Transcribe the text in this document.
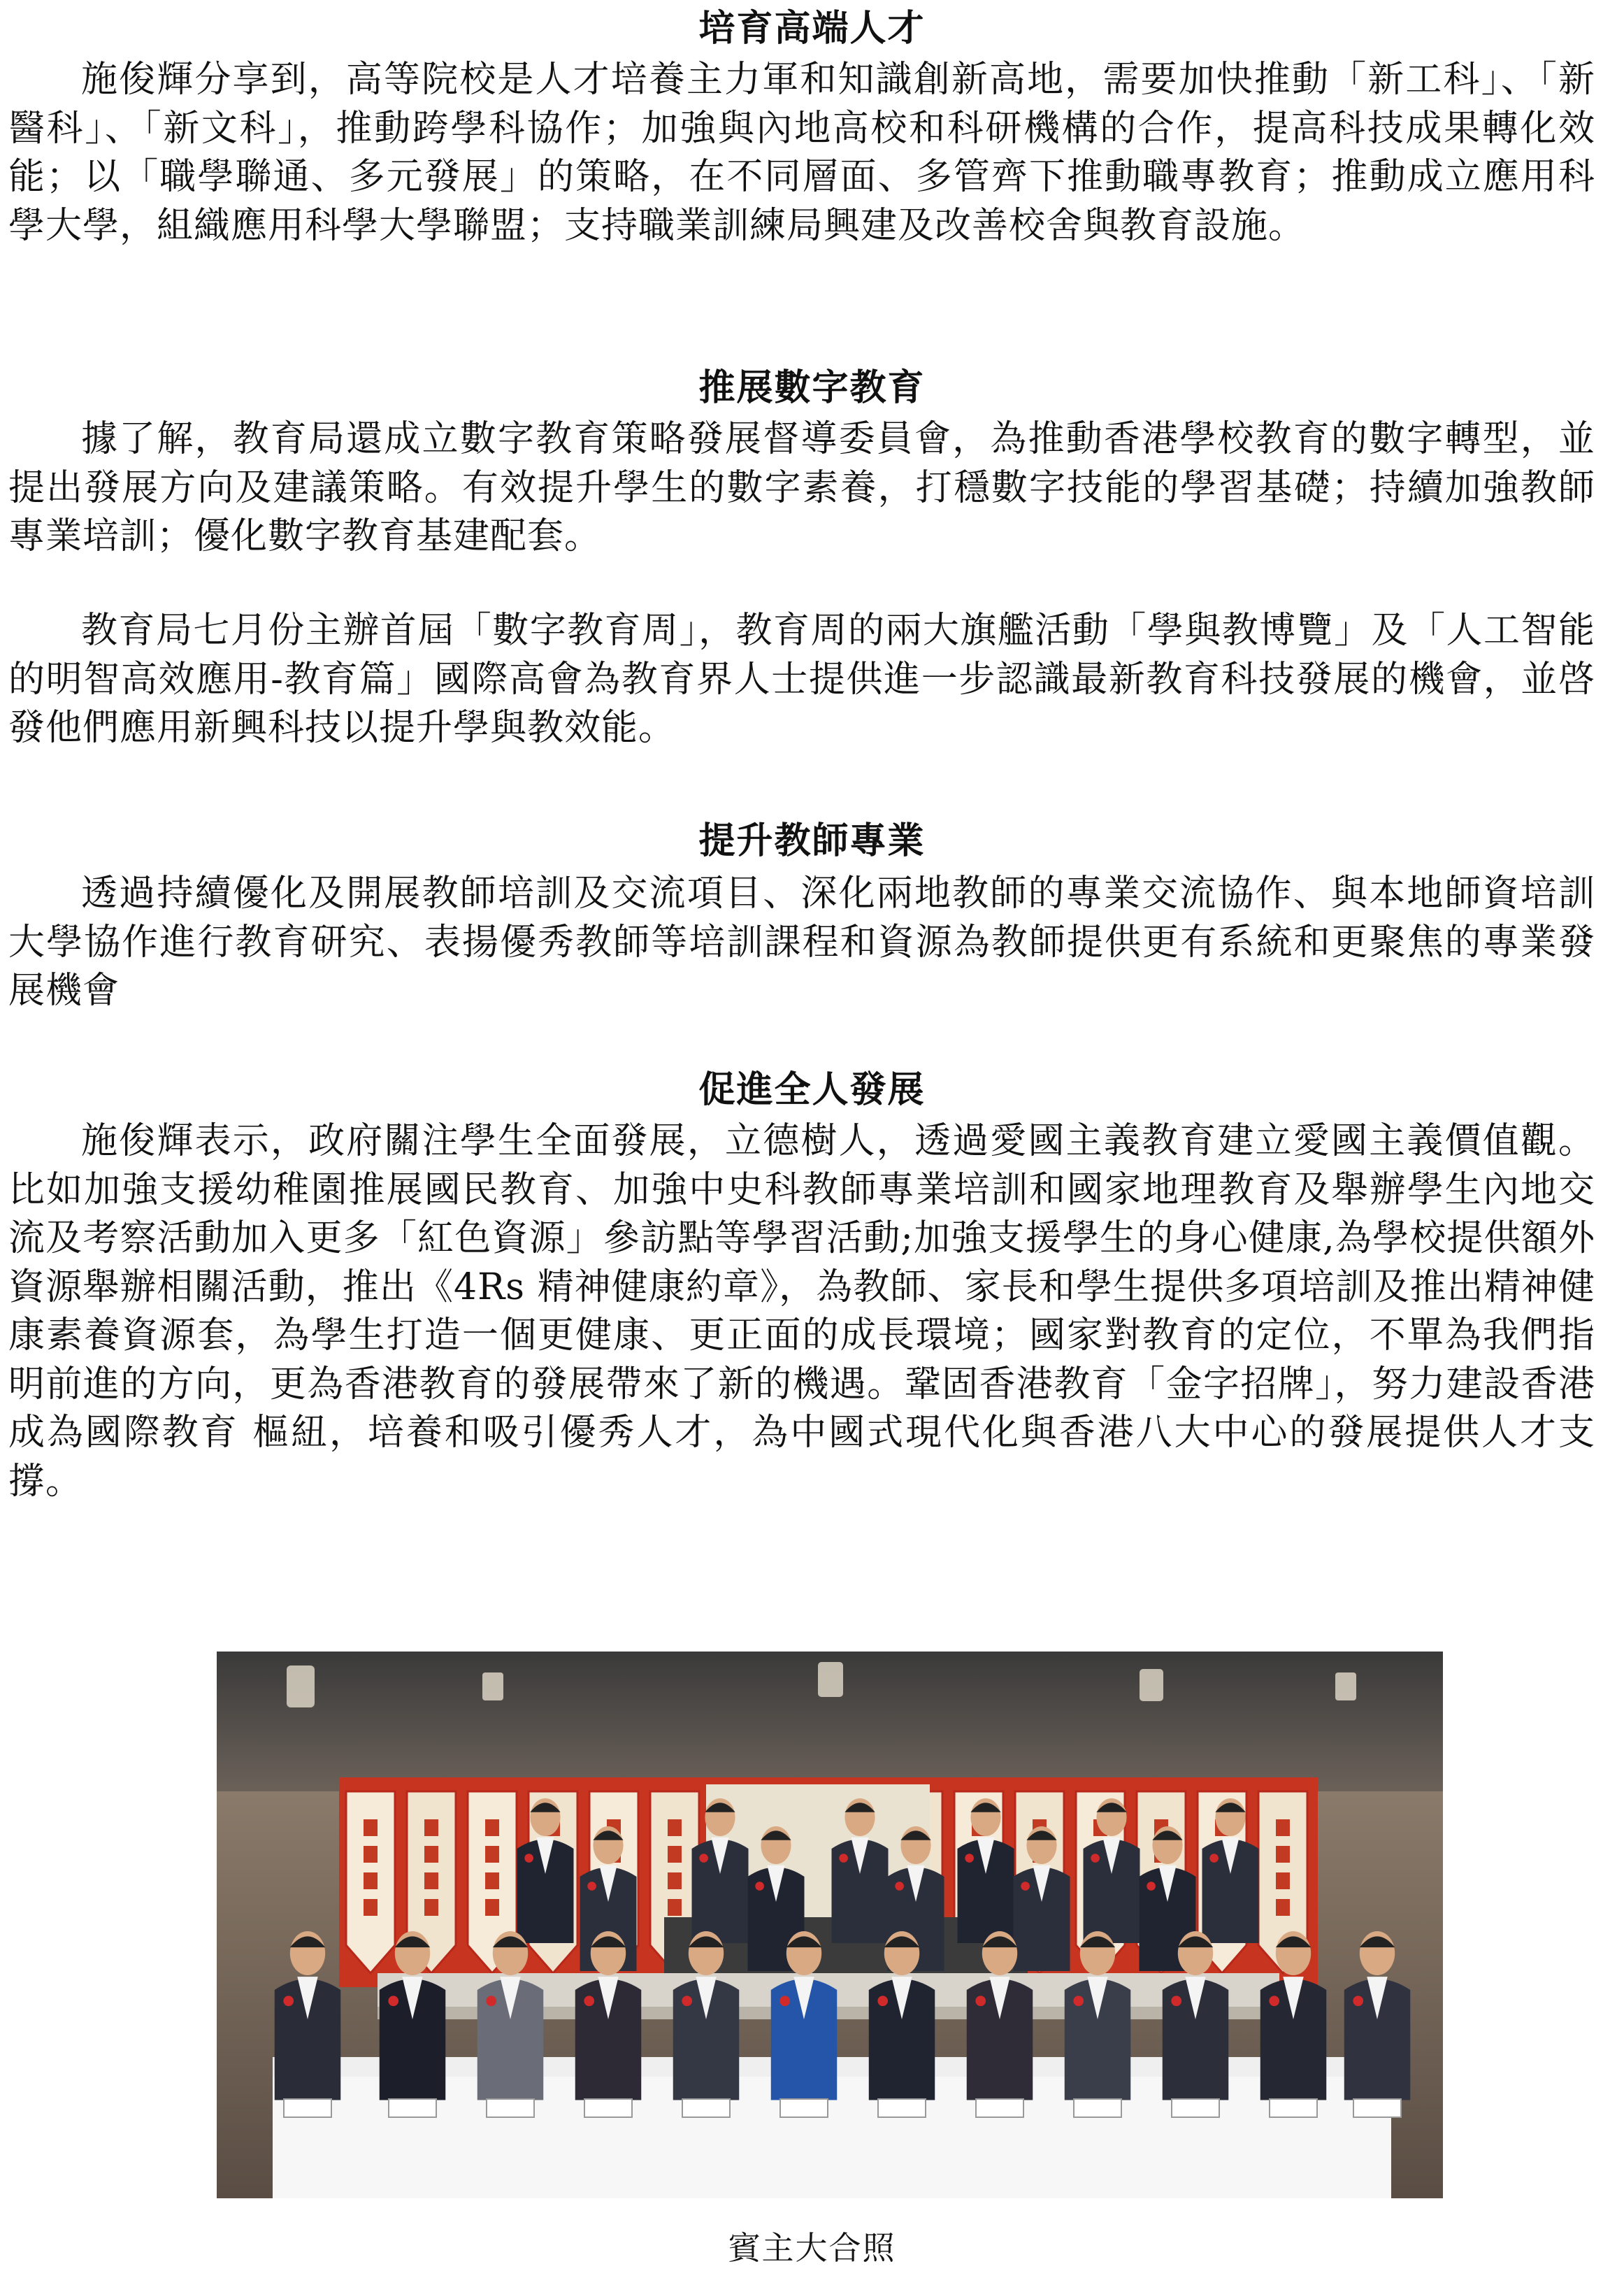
培育高端人才

施俊輝分享到，高等院校是人才培養主力軍和知識創新高地，需要加快推動「新工科」、「新醫科」、「新文科」，推動跨學科協作；加強與內地高校和科研機構的合作，提高科技成果轉化效能；以「職學聯通、多元發展」的策略，在不同層面、多管齊下推動職專教育；推動成立應用科學大學，組織應用科學大學聯盟；支持職業訓練局興建及改善校舍與教育設施。

推展數字教育

據了解，教育局還成立數字教育策略發展督導委員會，為推動香港學校教育的數字轉型，並提出發展方向及建議策略。有效提升學生的數字素養，打穩數字技能的學習基礎；持續加強教師專業培訓；優化數字教育基建配套。

教育局七月份主辦首屆「數字教育周」，教育周的兩大旗艦活動「學與教博覽」及「人工智能的明智高效應用-教育篇」國際高會為教育界人士提供進一步認識最新教育科技發展的機會，並啓發他們應用新興科技以提升學與教效能。

提升教師專業

透過持續優化及開展教師培訓及交流項目、深化兩地教師的專業交流協作、與本地師資培訓大學協作進行教育研究、表揚優秀教師等培訓課程和資源為教師提供更有系統和更聚焦的專業發展機會

促進全人發展

施俊輝表示，政府關注學生全面發展，立德樹人，透過愛國主義教育建立愛國主義價值觀。比如加強支援幼稚園推展國民教育、加強中史科教師專業培訓和國家地理教育及舉辦學生內地交流及考察活動加入更多「紅色資源」參訪點等學習活動;加強支援學生的身心健康,為學校提供額外資源舉辦相關活動，推出《4Rs 精神健康約章》，為教師、家長和學生提供多項培訓及推出精神健康素養資源套，為學生打造一個更健康、更正面的成長環境；國家對教育的定位，不單為我們指明前進的方向，更為香港教育的發展帶來了新的機遇。鞏固香港教育「金字招牌」，努力建設香港成為國際教育 樞紐，培養和吸引優秀人才，為中國式現代化與香港八大中心的發展提供人才支撐。

賓主大合照
